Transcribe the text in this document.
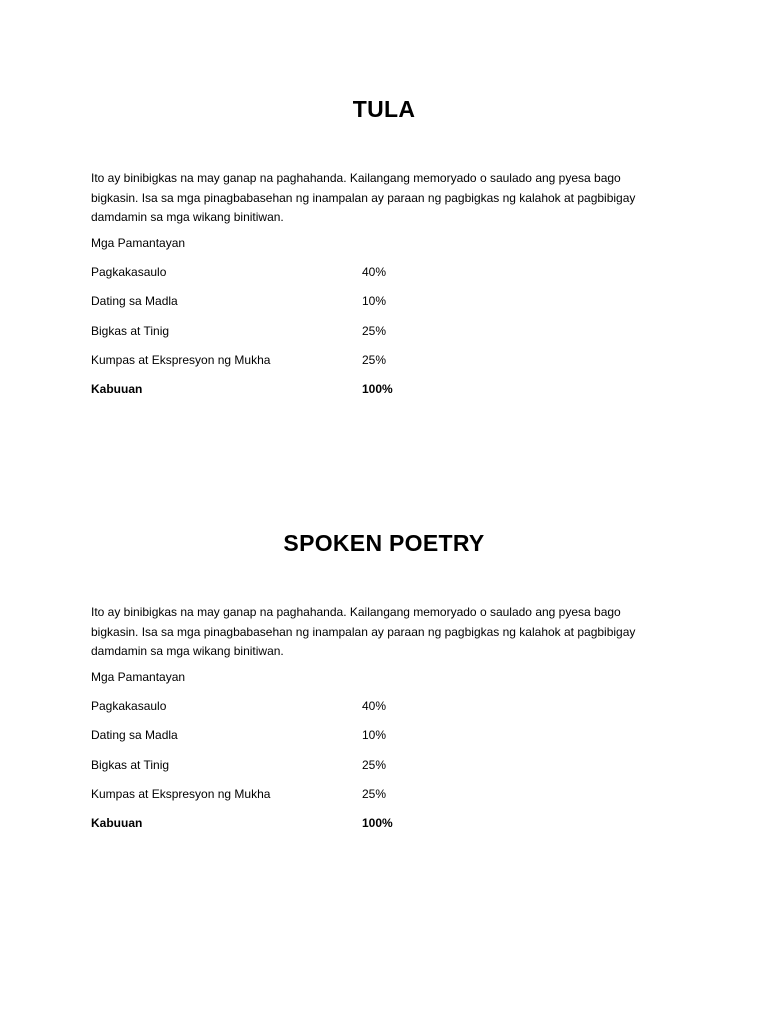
TULA

Ito ay binibigkas na may ganap na paghahanda. Kailangang memoryado o saulado ang pyesa bago bigkasin. Isa sa mga pinagbabasehan ng inampalan ay paraan ng pagbigkas ng kalahok at pagbibigay damdamin sa mga wikang binitiwan.

Mga Pamantayan

Pagkakasaulo	40%
Dating sa Madla	10%
Bigkas at Tinig	25%
Kumpas at Ekspresyon ng Mukha	25%
Kabuuan	100%
SPOKEN POETRY

Ito ay binibigkas na may ganap na paghahanda. Kailangang memoryado o saulado ang pyesa bago bigkasin. Isa sa mga pinagbabasehan ng inampalan ay paraan ng pagbigkas ng kalahok at pagbibigay damdamin sa mga wikang binitiwan.

Mga Pamantayan

Pagkakasaulo	40%
Dating sa Madla	10%
Bigkas at Tinig	25%
Kumpas at Ekspresyon ng Mukha	25%
Kabuuan	100%
